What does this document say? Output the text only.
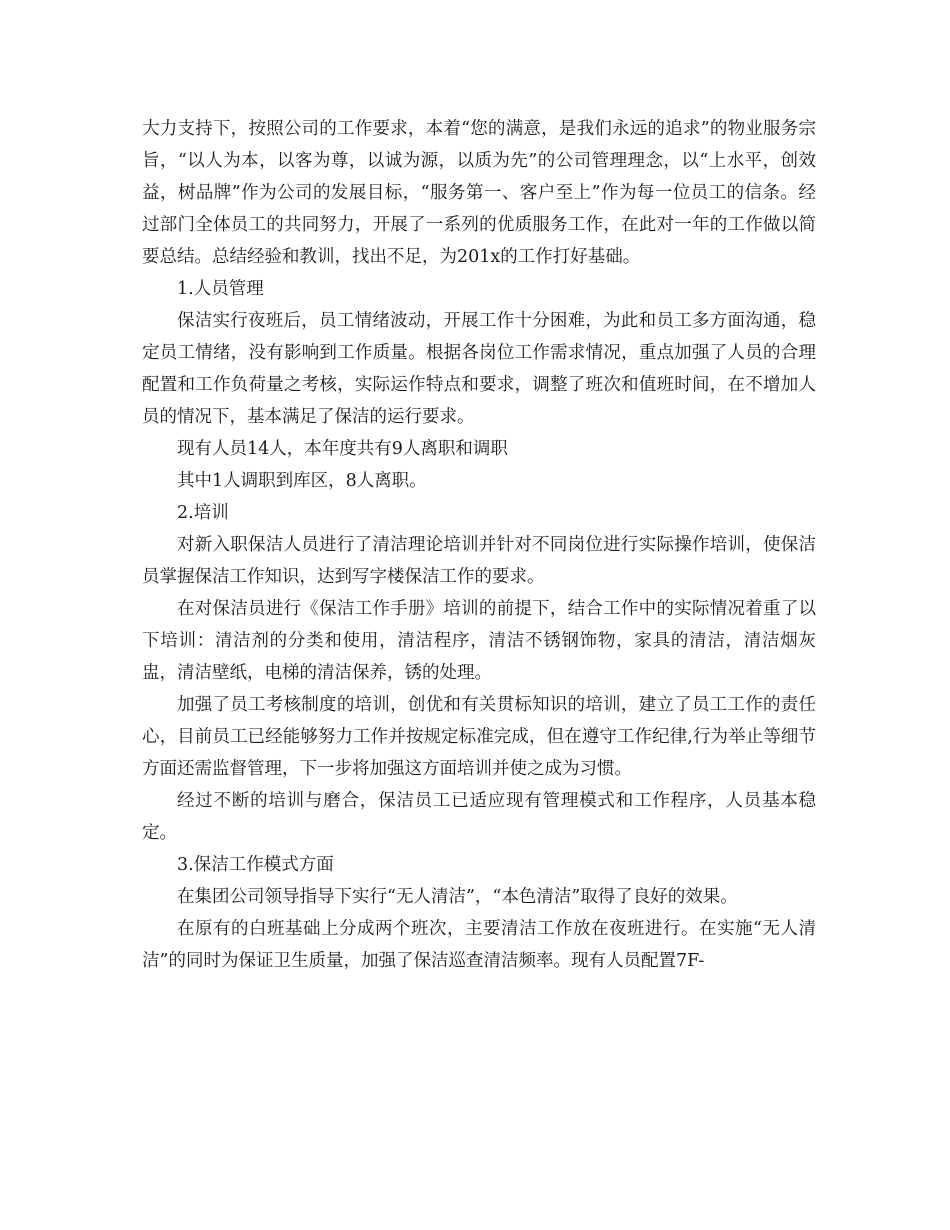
大力支持下，按照公司的工作要求，本着“您的满意，是我们永远的追求”的物业服务宗旨，“以人为本，以客为尊，以诚为源，以质为先”的公司管理理念，以“上水平，创效益，树品牌”作为公司的发展目标，“服务第一、客户至上”作为每一位员工的信条。经过部门全体员工的共同努力，开展了一系列的优质服务工作，在此对一年的工作做以简要总结。总结经验和教训，找出不足，为201x的工作打好基础。

1.人员管理

保洁实行夜班后，员工情绪波动，开展工作十分困难，为此和员工多方面沟通，稳定员工情绪，没有影响到工作质量。根据各岗位工作需求情况，重点加强了人员的合理配置和工作负荷量之考核，实际运作特点和要求，调整了班次和值班时间，在不增加人员的情况下，基本满足了保洁的运行要求。

现有人员14人，本年度共有9人离职和调职

其中1人调职到库区，8人离职。

2.培训

对新入职保洁人员进行了清洁理论培训并针对不同岗位进行实际操作培训，使保洁员掌握保洁工作知识，达到写字楼保洁工作的要求。

在对保洁员进行《保洁工作手册》培训的前提下，结合工作中的实际情况着重了以下培训：清洁剂的分类和使用，清洁程序，清洁不锈钢饰物，家具的清洁，清洁烟灰盅，清洁壁纸，电梯的清洁保养，锈的处理。

加强了员工考核制度的培训，创优和有关贯标知识的培训，建立了员工工作的责任心，目前员工已经能够努力工作并按规定标准完成，但在遵守工作纪律,行为举止等细节方面还需监督管理，下一步将加强这方面培训并使之成为习惯。

经过不断的培训与磨合，保洁员工已适应现有管理模式和工作程序，人员基本稳定。

3.保洁工作模式方面

在集团公司领导指导下实行“无人清洁”，“本色清洁”取得了良好的效果。

在原有的白班基础上分成两个班次，主要清洁工作放在夜班进行。在实施“无人清洁”的同时为保证卫生质量，加强了保洁巡查清洁频率。现有人员配置7F-
